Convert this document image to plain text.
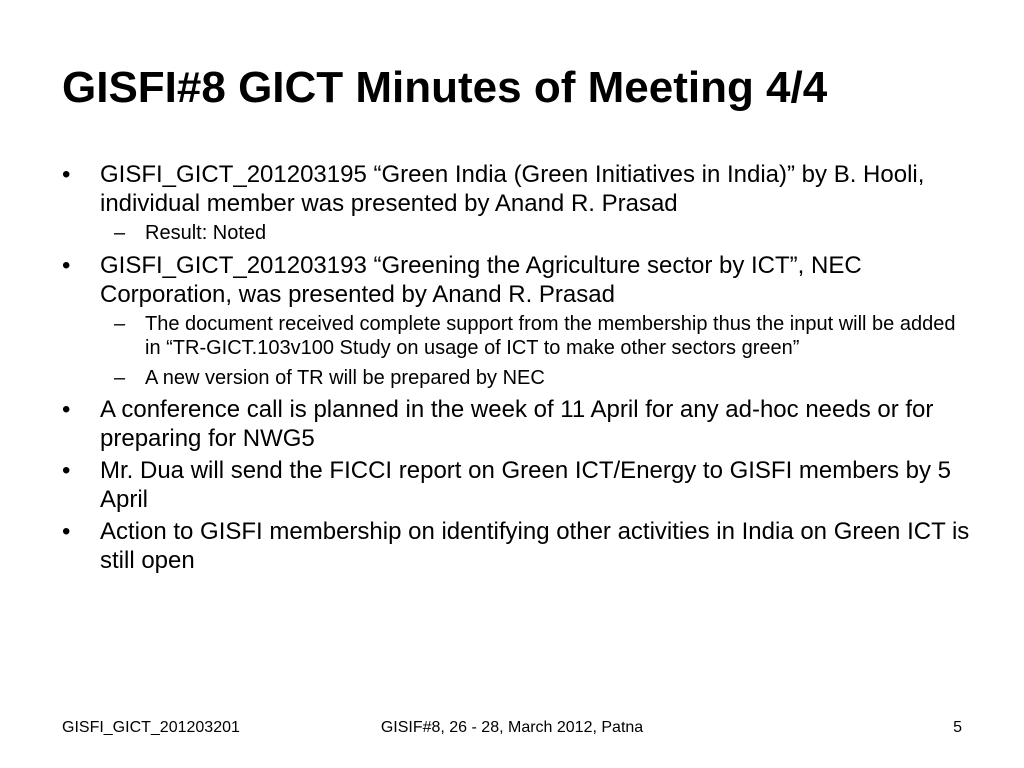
GISFI#8 GICT Minutes of Meeting 4/4
•	GISFI_GICT_201203195 “Green India (Green Initiatives in India)” by B. Hooli, individual member was presented by Anand R. Prasad
– Result: Noted
•	GISFI_GICT_201203193 “Greening the Agriculture sector by ICT”, NEC Corporation, was presented by Anand R. Prasad
– The document received complete support from the membership thus the input will be added in “TR-GICT.103v100 Study on usage of ICT to make other sectors green”
– A new version of TR will be prepared by NEC
•	A conference call is planned in the week of 11 April for any ad-hoc needs or for preparing for NWG5
•	Mr. Dua will send the FICCI report on Green ICT/Energy to GISFI members by 5 April
•	Action to GISFI membership on identifying other activities in India on Green ICT is still open
GISFI_GICT_201203201	GISIF#8, 26 - 28, March 2012, Patna	5
